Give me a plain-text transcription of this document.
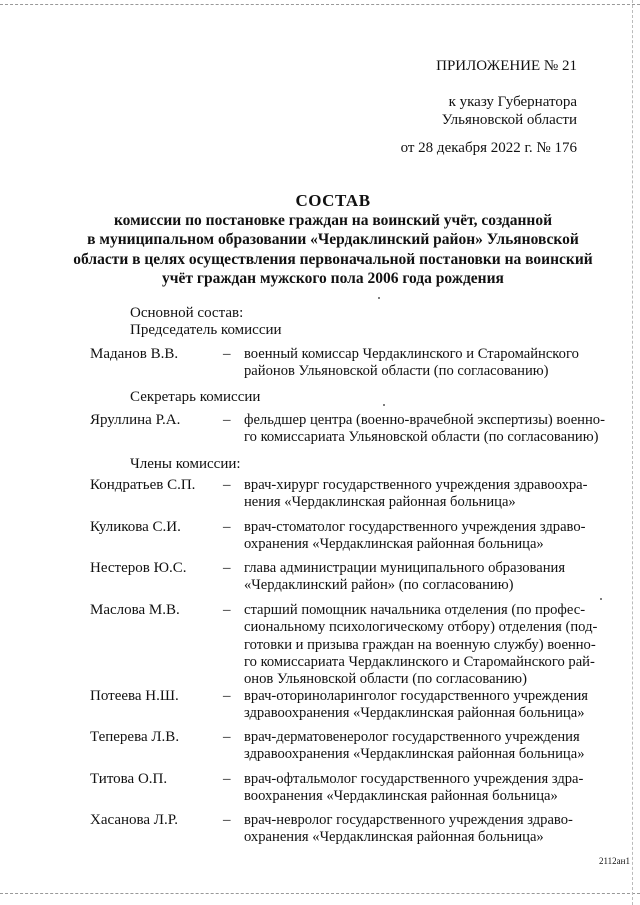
ПРИЛОЖЕНИЕ № 21
к указу Губернатора
Ульяновской области
от 28 декабря 2022 г. № 176
СОСТАВ
комиссии по постановке граждан на воинский учёт, созданной
в муниципальном образовании «Чердаклинский район» Ульяновской
области в целях осуществления первоначальной постановки на воинский
учёт граждан мужского пола 2006 года рождения
Основной состав:
Председатель комиссии
Секретарь комиссии
Члены комиссии:
Маданов В.В.	– военный комиссар Чердаклинского и Старомайнского
районов Ульяновской области (по согласованию)
Яруллина Р.А.	– фельдшер центра (военно-врачебной экспертизы) военно-
го комиссариата Ульяновской области (по согласованию)
Кондратьев С.П. – врач-хирург государственного учреждения здравоохра-
нения «Чердаклинская районная больница»
Куликова С.И.	– врач-стоматолог государственного учреждения здраво-
охранения «Чердаклинская районная больница»
Нестеров Ю.С. – глава администрации муниципального образования
«Чердаклинский район» (по согласованию)
Маслова М.В.	– старший помощник начальника отделения (по профес-
сиональному психологическому отбору) отделения (под-
готовки и призыва граждан на военную службу) военно-
го комиссариата Чердаклинского и Старомайнского рай-
онов Ульяновской области (по согласованию)
Потеева Н.Ш.	– врач-оториноларинголог государственного учреждения
здравоохранения «Чердаклинская районная больница»
Теперева Л.В.	– врач-дерматовенеролог государственного учреждения
здравоохранения «Чердаклинская районная больница»
Титова О.П.	– врач-офтальмолог государственного учреждения здра-
воохранения «Чердаклинская районная больница»
Хасанова Л.Р.	– врач-невролог государственного учреждения здраво-
охранения «Чердаклинская районная больница»
2112ан1
